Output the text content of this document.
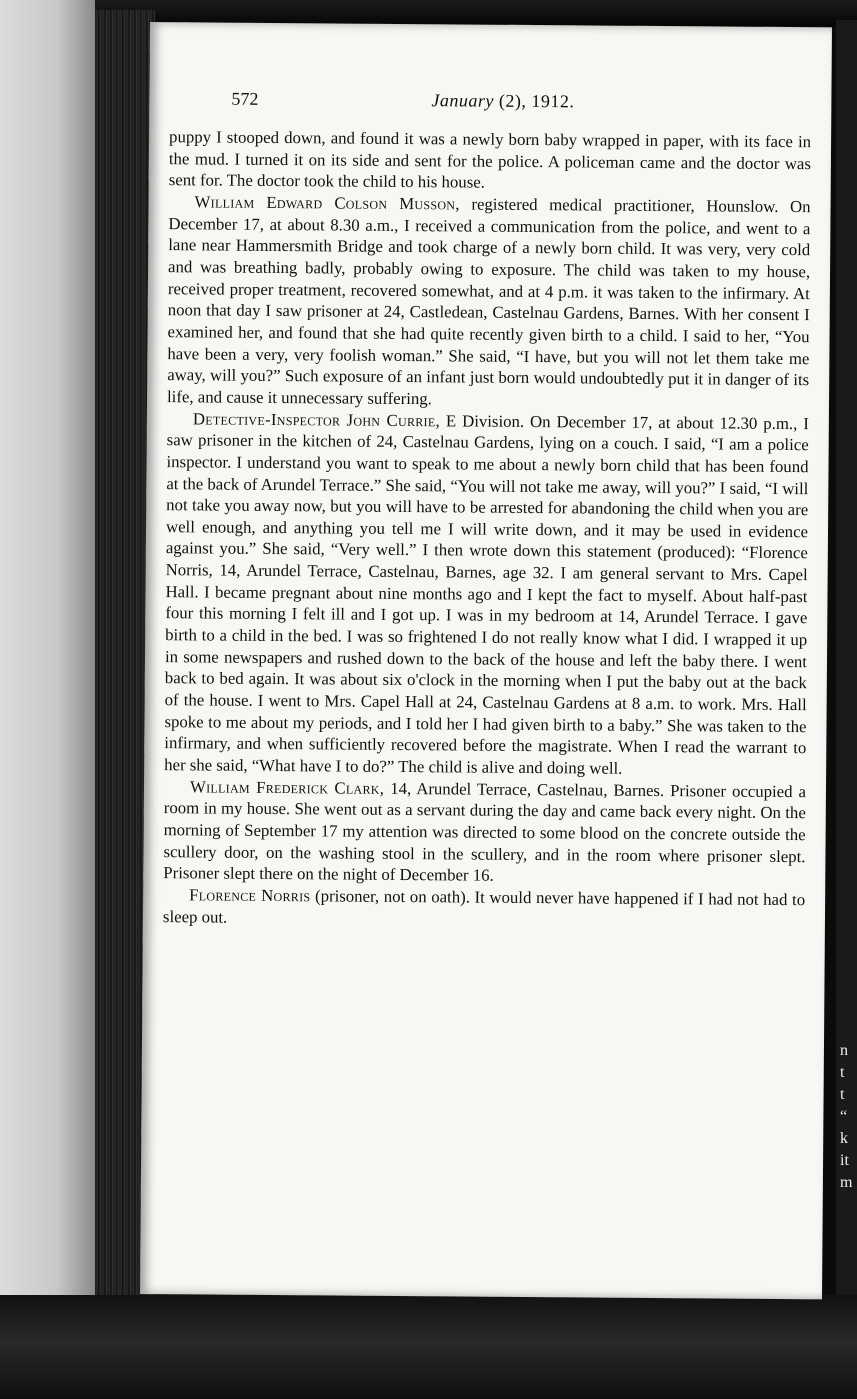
572	January (2), 1912.

puppy I stooped down, and found it was a newly born baby wrapped in paper, with its face in the mud. I turned it on its side and sent for the police. A policeman came and the doctor was sent for. The doctor took the child to his house.

William Edward Colson Musson, registered medical practitioner, Hounslow. On December 17, at about 8.30 a.m., I received a communication from the police, and went to a lane near Hammersmith Bridge and took charge of a newly born child. It was very, very cold and was breathing badly, probably owing to exposure. The child was taken to my house, received proper treatment, recovered somewhat, and at 4 p.m. it was taken to the infirmary. At noon that day I saw prisoner at 24, Castledean, Castelnau Gardens, Barnes. With her consent I examined her, and found that she had quite recently given birth to a child. I said to her, “You have been a very, very foolish woman.” She said, “I have, but you will not let them take me away, will you?” Such exposure of an infant just born would undoubtedly put it in danger of its life, and cause it unnecessary suffering.

Detective-Inspector John Currie, E Division. On December 17, at about 12.30 p.m., I saw prisoner in the kitchen of 24, Castelnau Gardens, lying on a couch. I said, “I am a police inspector. I understand you want to speak to me about a newly born child that has been found at the back of Arundel Terrace.” She said, “You will not take me away, will you?” I said, “I will not take you away now, but you will have to be arrested for abandoning the child when you are well enough, and anything you tell me I will write down, and it may be used in evidence against you.” She said, “Very well.” I then wrote down this statement (produced): “Florence Norris, 14, Arundel Terrace, Castelnau, Barnes, age 32. I am general servant to Mrs. Capel Hall. I became pregnant about nine months ago and I kept the fact to myself. About half-past four this morning I felt ill and I got up. I was in my bedroom at 14, Arundel Terrace. I gave birth to a child in the bed. I was so frightened I do not really know what I did. I wrapped it up in some newspapers and rushed down to the back of the house and left the baby there. I went back to bed again. It was about six o'clock in the morning when I put the baby out at the back of the house. I went to Mrs. Capel Hall at 24, Castelnau Gardens at 8 a.m. to work. Mrs. Hall spoke to me about my periods, and I told her I had given birth to a baby.” She was taken to the infirmary, and when sufficiently recovered before the magistrate. When I read the warrant to her she said, “What have I to do?” The child is alive and doing well.

William Frederick Clark, 14, Arundel Terrace, Castelnau, Barnes. Prisoner occupied a room in my house. She went out as a servant during the day and came back every night. On the morning of September 17 my attention was directed to some blood on the concrete outside the scullery door, on the washing stool in the scullery, and in the room where prisoner slept. Prisoner slept there on the night of December 16.

Florence Norris (prisoner, not on oath). It would never have happened if I had not had to sleep out.

n
t
t
“
k
it
m
